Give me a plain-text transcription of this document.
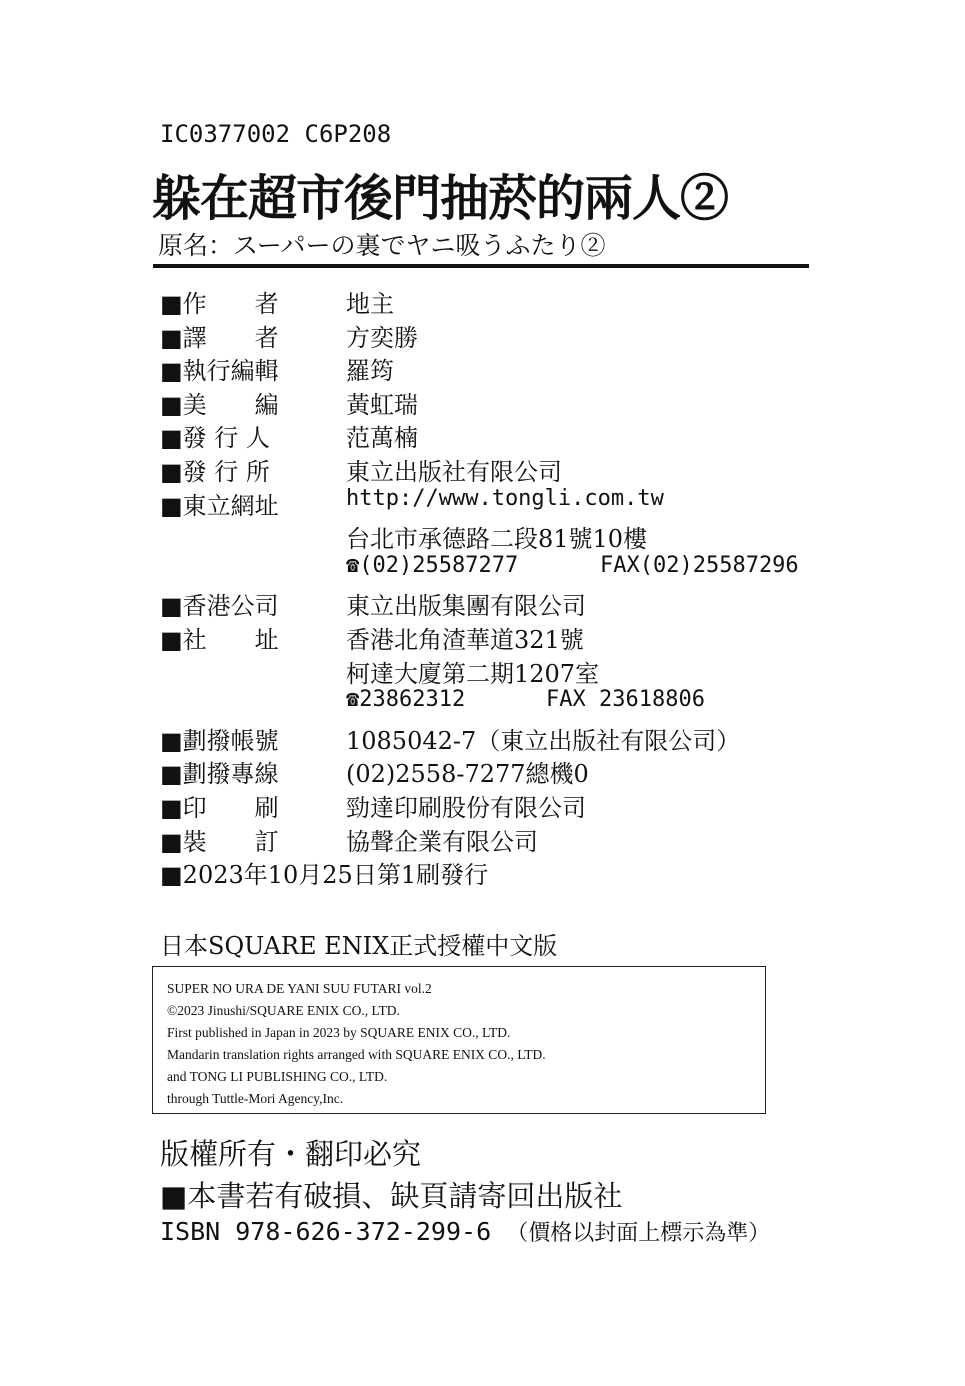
IC0377002 C6P208
躲在超市後門抽菸的兩人②
原名：スーパーの裏でヤニ吸うふたり②
■作　　者	地主
■譯　　者	方奕勝
■執行編輯	羅筠
■美　　編	黃虹瑞
■發 行 人	范萬楠
■發 行 所	東立出版社有限公司
■東立網址	http://www.tongli.com.tw
台北市承德路二段81號10樓
☎(02)25587277	FAX(02)25587296
■香港公司	東立出版集團有限公司
■社　　址	香港北角渣華道321號
柯達大廈第二期1207室
☎23862312	FAX 23618806
■劃撥帳號	1085042-7（東立出版社有限公司）
■劃撥專線	(02)2558-7277總機0
■印　　刷	勁達印刷股份有限公司
■裝　　訂	協聲企業有限公司
■2023年10月25日第1刷發行
日本SQUARE ENIX正式授權中文版
SUPER NO URA DE YANI SUU FUTARI vol.2
©2023 Jinushi/SQUARE ENIX CO., LTD.
First published in Japan in 2023 by SQUARE ENIX CO., LTD.
Mandarin translation rights arranged with SQUARE ENIX CO., LTD.
and TONG LI PUBLISHING CO., LTD.
through Tuttle-Mori Agency,Inc.
版權所有・翻印必究
■本書若有破損、缺頁請寄回出版社
ISBN 978-626-372-299-6 （價格以封面上標示為準）
